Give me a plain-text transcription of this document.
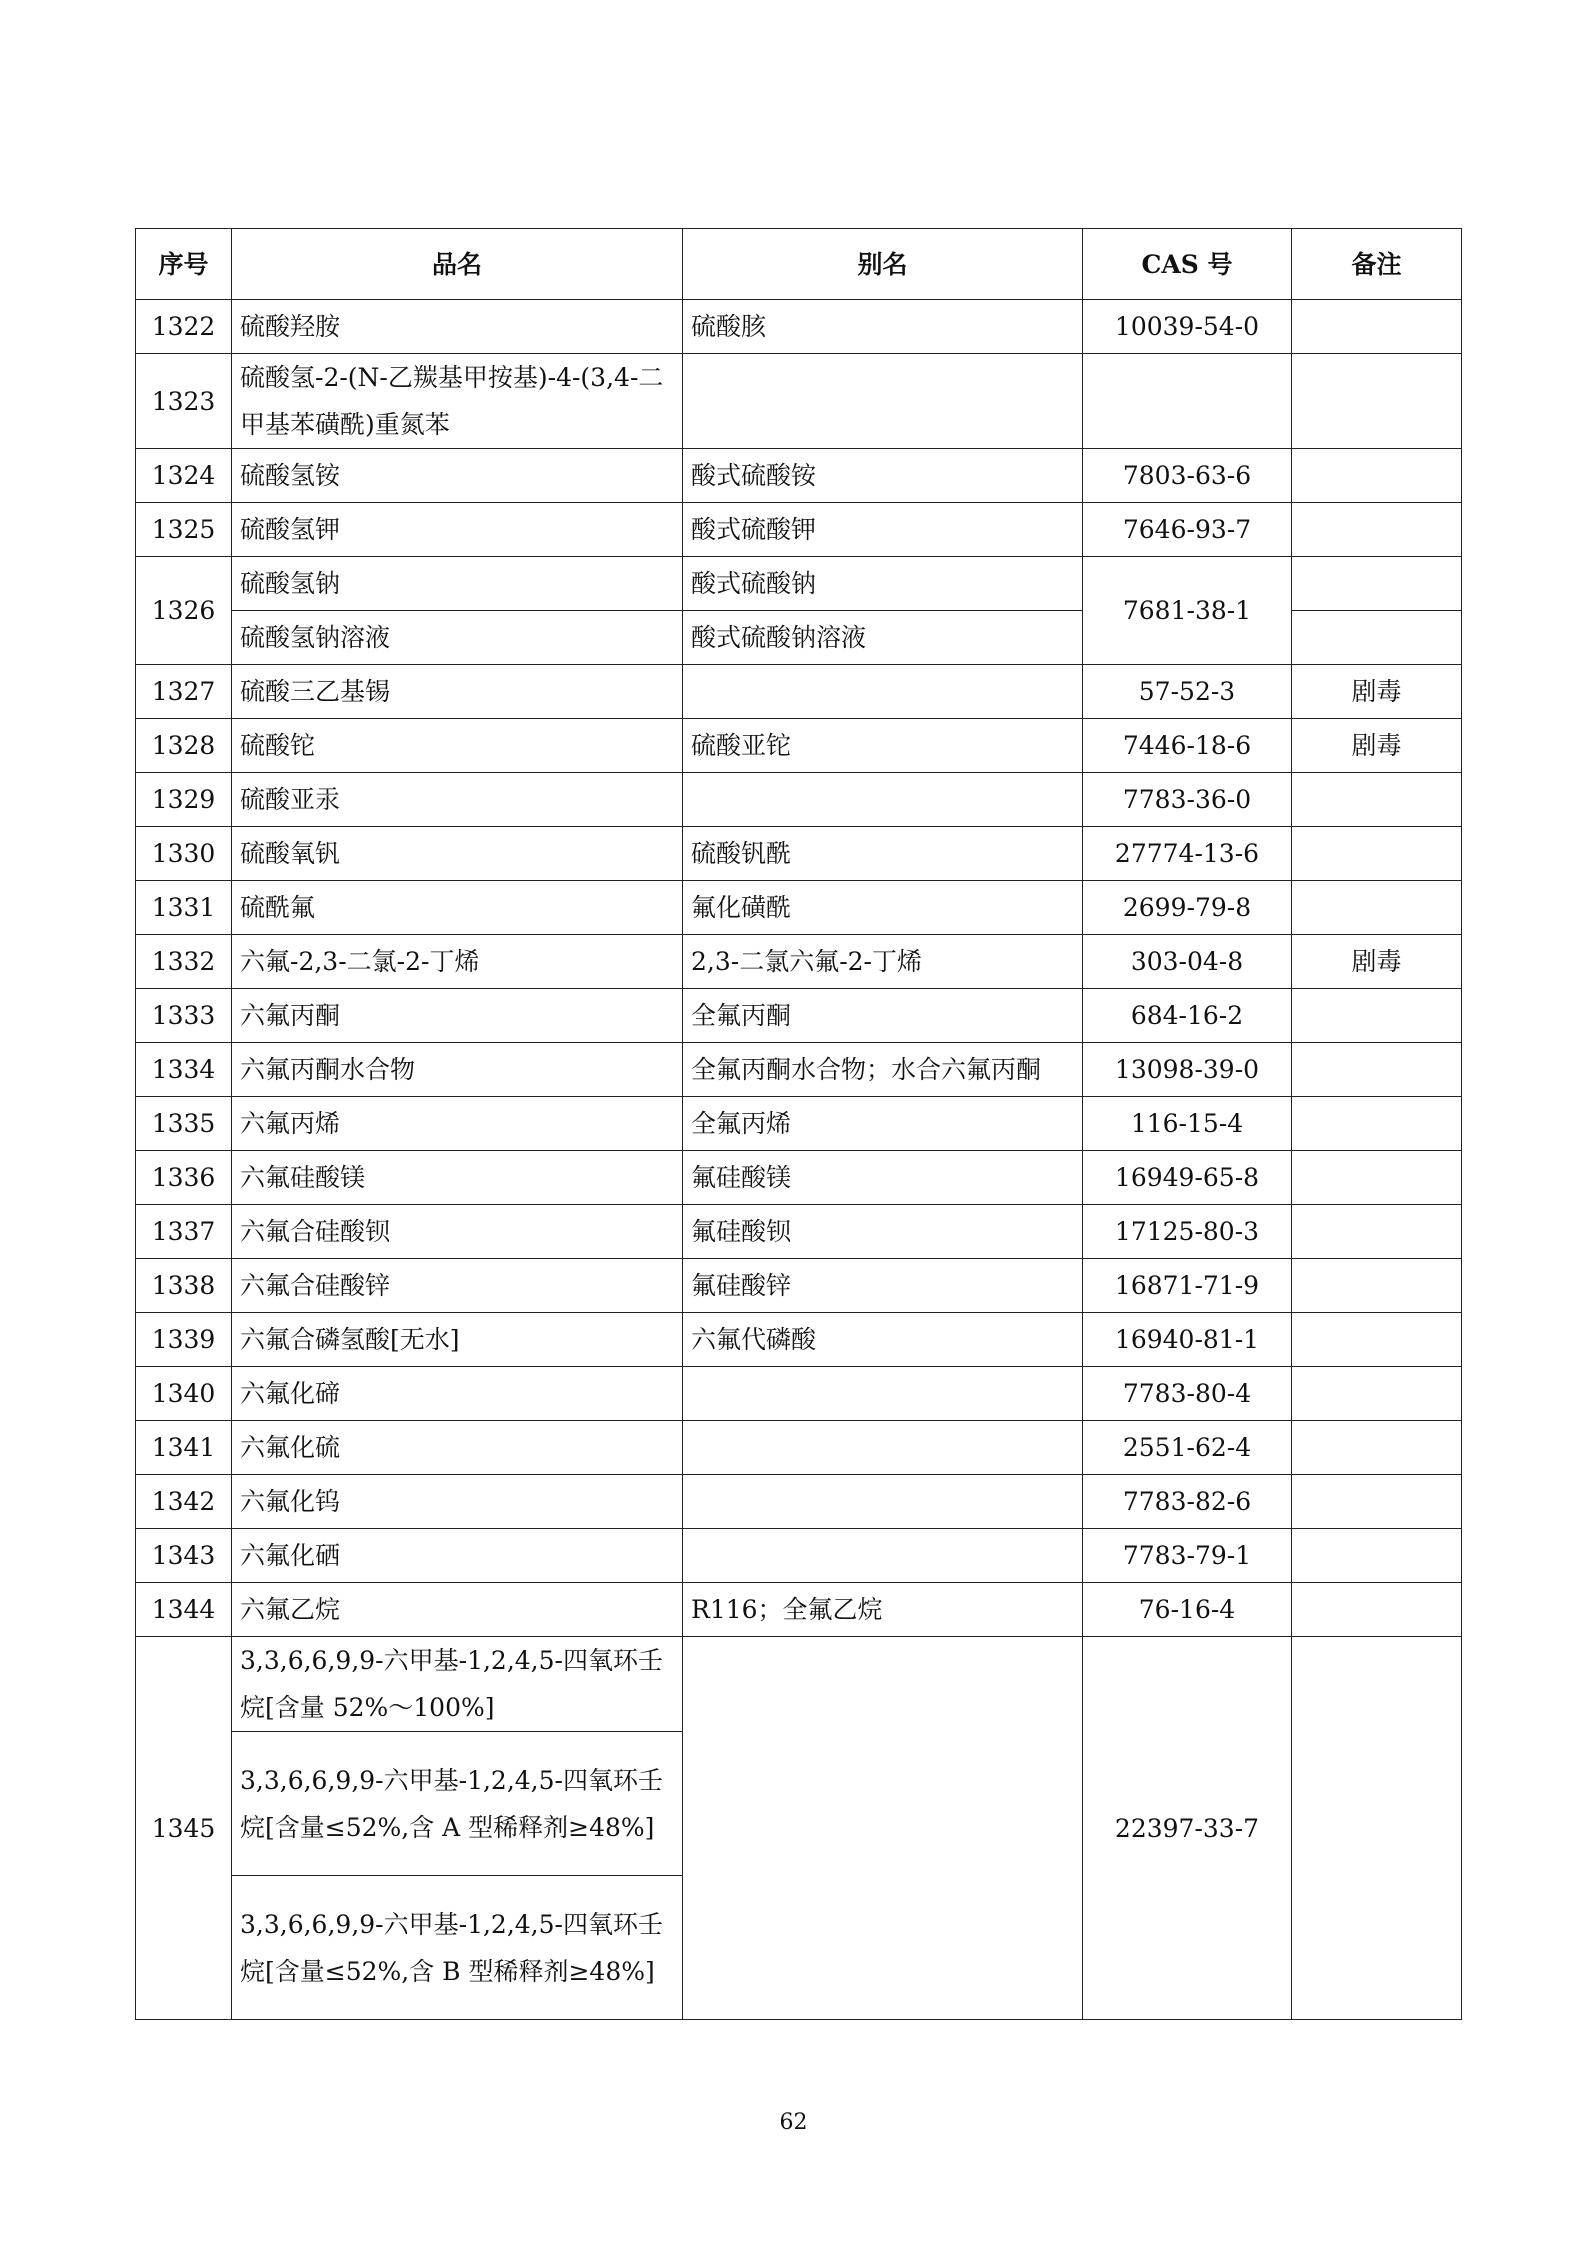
序号	品名	别名	CAS 号	备注
1322	硫酸羟胺	硫酸胲	10039-54-0	
1323	硫酸氢-2-(N-乙羰基甲按基)-4-(3,4-二甲基苯磺酰)重氮苯			
1324	硫酸氢铵	酸式硫酸铵	7803-63-6	
1325	硫酸氢钾	酸式硫酸钾	7646-93-7	
1326	硫酸氢钠	酸式硫酸钠	7681-38-1	
	硫酸氢钠溶液	酸式硫酸钠溶液		
1327	硫酸三乙基锡		57-52-3	剧毒
1328	硫酸铊	硫酸亚铊	7446-18-6	剧毒
1329	硫酸亚汞		7783-36-0	
1330	硫酸氧钒	硫酸钒酰	27774-13-6	
1331	硫酰氟	氟化磺酰	2699-79-8	
1332	六氟-2,3-二氯-2-丁烯	2,3-二氯六氟-2-丁烯	303-04-8	剧毒
1333	六氟丙酮	全氟丙酮	684-16-2	
1334	六氟丙酮水合物	全氟丙酮水合物；水合六氟丙酮	13098-39-0	
1335	六氟丙烯	全氟丙烯	116-15-4	
1336	六氟硅酸镁	氟硅酸镁	16949-65-8	
1337	六氟合硅酸钡	氟硅酸钡	17125-80-3	
1338	六氟合硅酸锌	氟硅酸锌	16871-71-9	
1339	六氟合磷氢酸[无水]	六氟代磷酸	16940-81-1	
1340	六氟化碲		7783-80-4	
1341	六氟化硫		2551-62-4	
1342	六氟化钨		7783-82-6	
1343	六氟化硒		7783-79-1	
1344	六氟乙烷	R116；全氟乙烷	76-16-4	
1345	3,3,6,6,9,9-六甲基-1,2,4,5-四氧环壬烷[含量 52%～100%]		22397-33-7	
	3,3,6,6,9,9-六甲基-1,2,4,5-四氧环壬烷[含量≤52%,含 A 型稀释剂≥48%]			
	3,3,6,6,9,9-六甲基-1,2,4,5-四氧环壬烷[含量≤52%,含 B 型稀释剂≥48%]			
62
